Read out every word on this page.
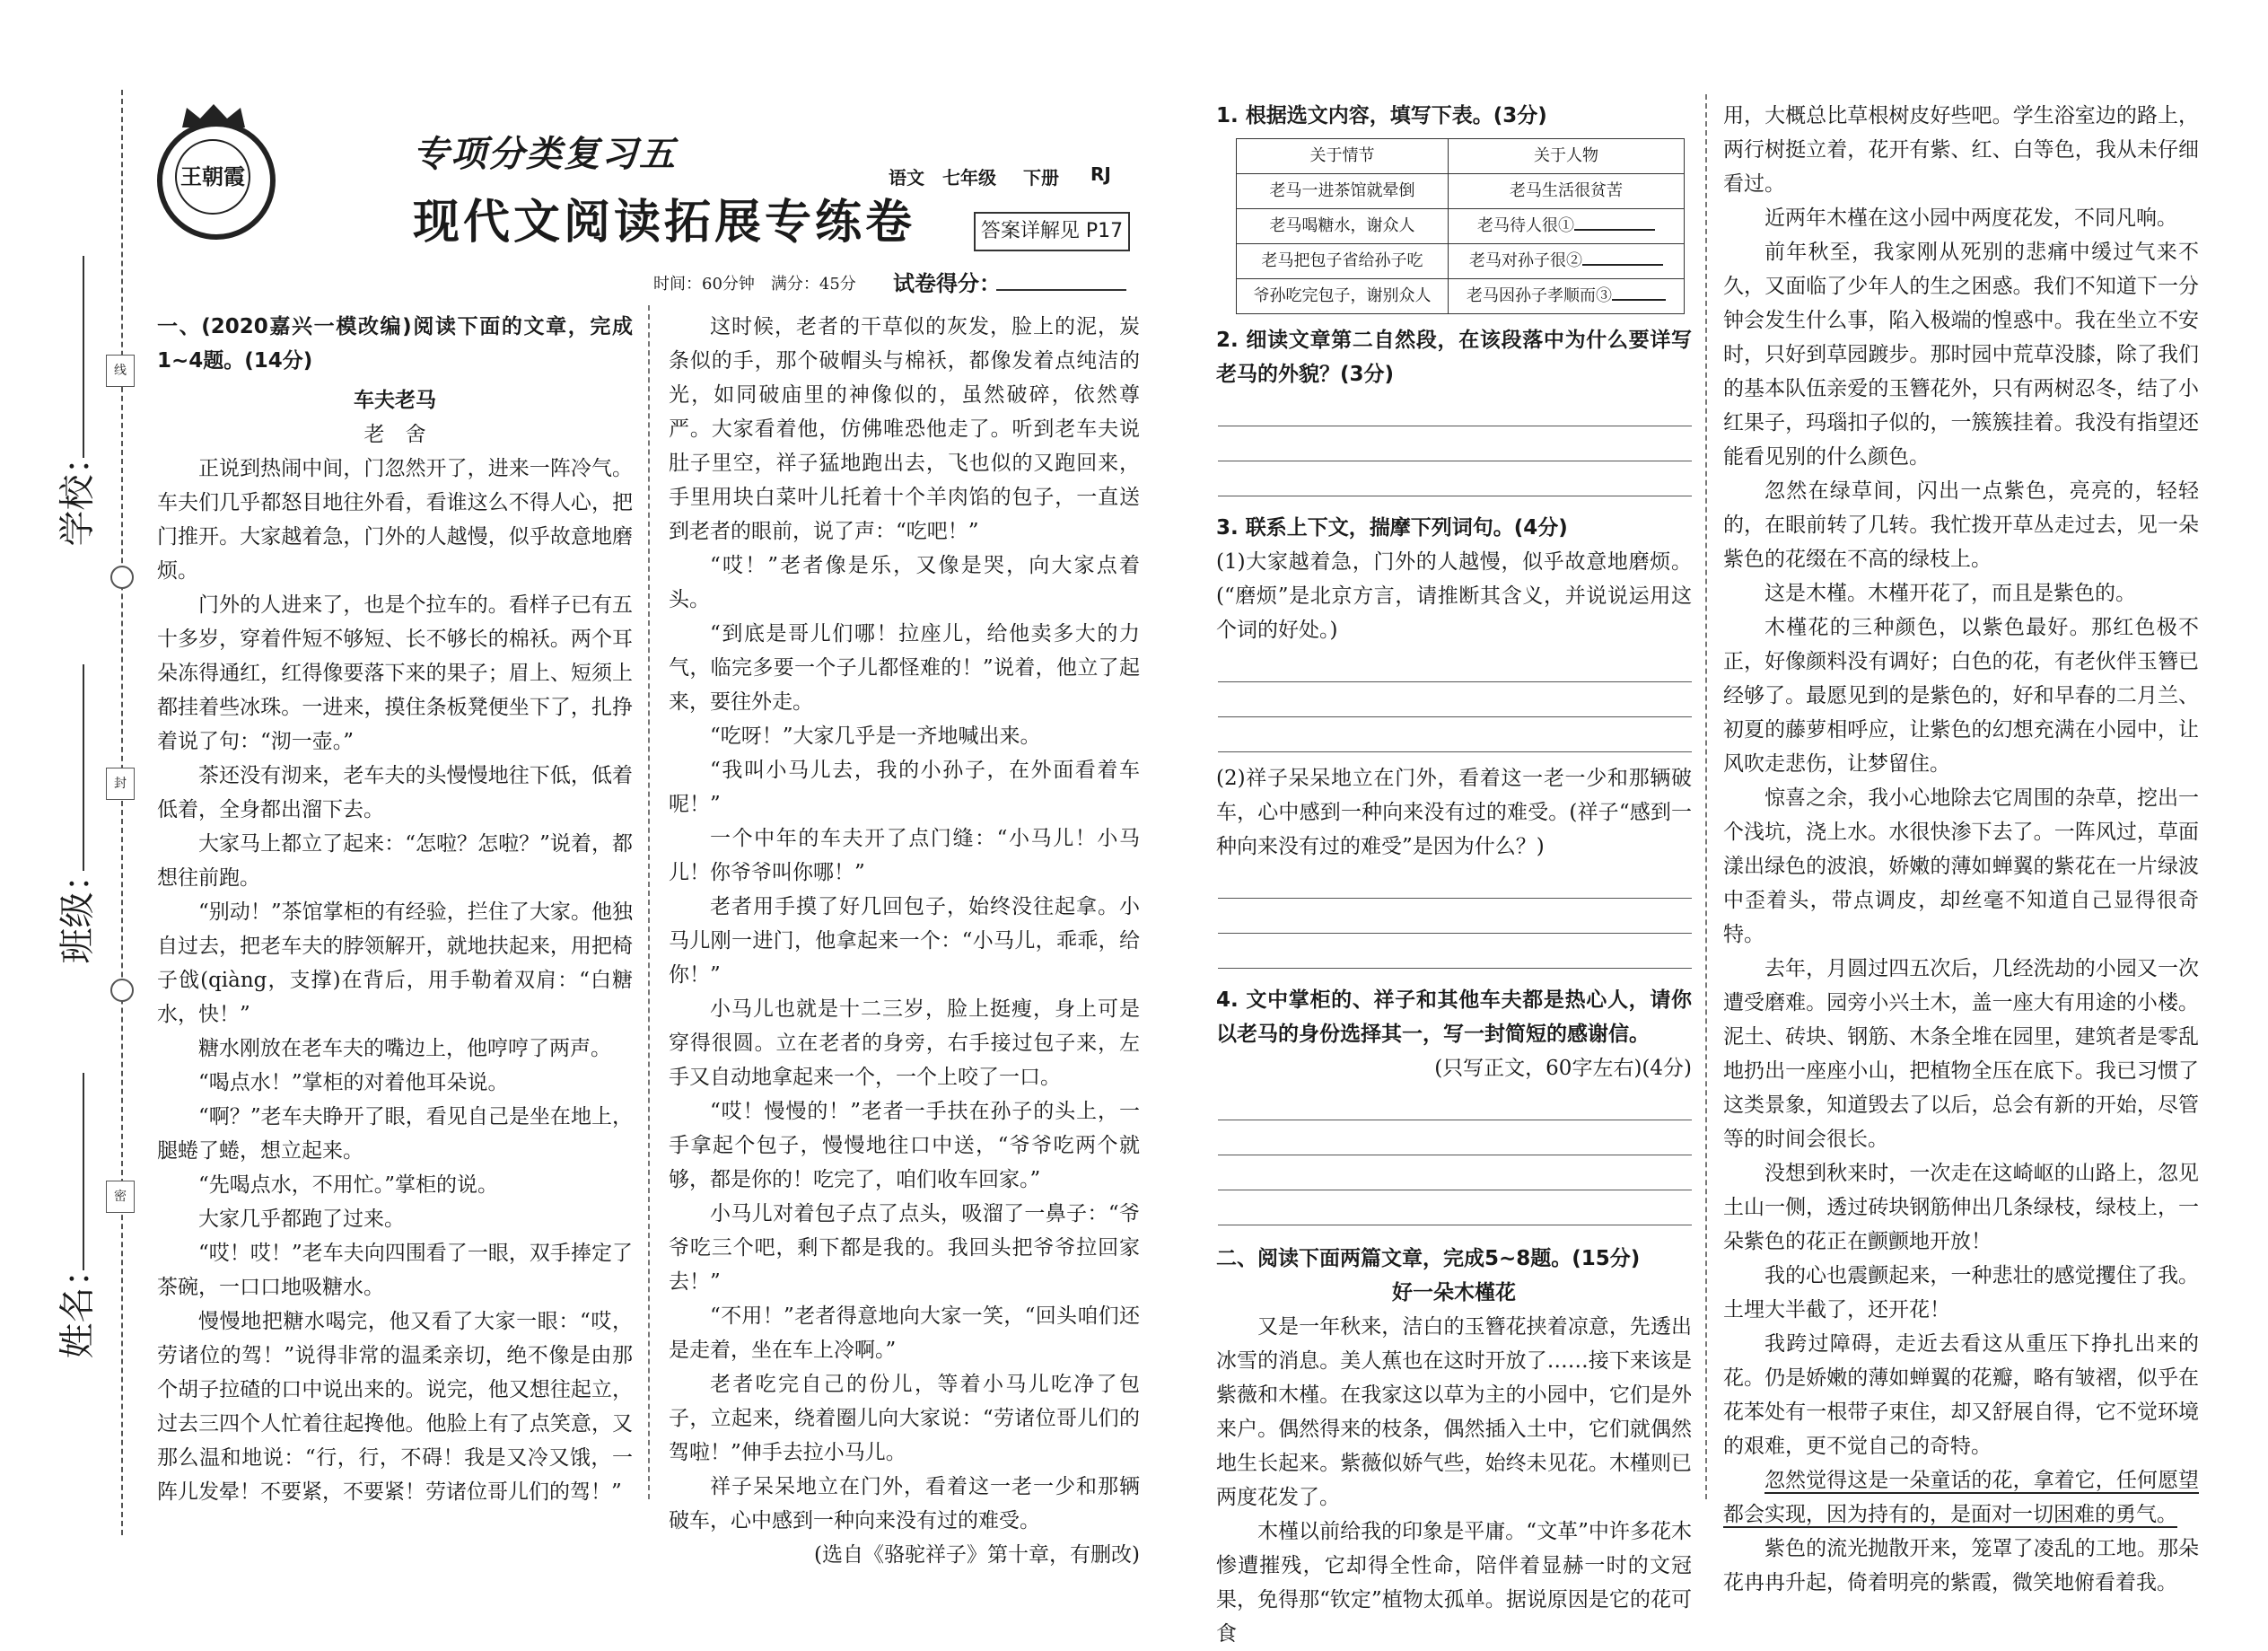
线
封
密
学校：
班级：
姓名：
王朝霞
专项分类复习五
现代文阅读拓展专练卷
语文 七年级 下册 RJ
答案详解见 P17
时间：60分钟　满分：45分 试卷得分：

一、(2020嘉兴一模改编)阅读下面的文章，完成1~4题。(14分)

车夫老马

老　舍

正说到热闹中间，门忽然开了，进来一阵冷气。车夫们几乎都怒目地往外看，看谁这么不得人心，把门推开。大家越着急，门外的人越慢，似乎故意地磨烦。

门外的人进来了，也是个拉车的。看样子已有五十多岁，穿着件短不够短、长不够长的棉袄。两个耳朵冻得通红，红得像要落下来的果子；眉上、短须上都挂着些冰珠。一进来，摸住条板凳便坐下了，扎挣着说了句：“沏一壶。”

茶还没有沏来，老车夫的头慢慢地往下低，低着低着，全身都出溜下去。

大家马上都立了起来：“怎啦？怎啦？”说着，都想往前跑。

“别动！”茶馆掌柜的有经验，拦住了大家。他独自过去，把老车夫的脖领解开，就地扶起来，用把椅子戗(qiàng，支撑)在背后，用手勒着双肩：“白糖水，快！”

糖水刚放在老车夫的嘴边上，他哼哼了两声。

“喝点水！”掌柜的对着他耳朵说。

“啊？”老车夫睁开了眼，看见自己是坐在地上，腿蜷了蜷，想立起来。

“先喝点水，不用忙。”掌柜的说。

大家几乎都跑了过来。

“哎！哎！”老车夫向四围看了一眼，双手捧定了茶碗，一口口地吸糖水。

慢慢地把糖水喝完，他又看了大家一眼：“哎，劳诸位的驾！”说得非常的温柔亲切，绝不像是由那个胡子拉碴的口中说出来的。说完，他又想往起立，过去三四个人忙着往起搀他。他脸上有了点笑意，又那么温和地说：“行，行，不碍！我是又冷又饿，一阵儿发晕！不要紧，不要紧！劳诸位哥儿们的驾！”

这时候，老者的干草似的灰发，脸上的泥，炭条似的手，那个破帽头与棉袄，都像发着点纯洁的光，如同破庙里的神像似的，虽然破碎，依然尊严。大家看着他，仿佛唯恐他走了。听到老车夫说肚子里空，祥子猛地跑出去，飞也似的又跑回来，手里用块白菜叶儿托着十个羊肉馅的包子，一直送到老者的眼前，说了声：“吃吧！”

“哎！”老者像是乐，又像是哭，向大家点着头。

“到底是哥儿们哪！拉座儿，给他卖多大的力气，临完多要一个子儿都怪难的！”说着，他立了起来，要往外走。

“吃呀！”大家几乎是一齐地喊出来。

“我叫小马儿去，我的小孙子，在外面看着车呢！”

一个中年的车夫开了点门缝：“小马儿！小马儿！你爷爷叫你哪！”

老者用手摸了好几回包子，始终没往起拿。小马儿刚一进门，他拿起来一个：“小马儿，乖乖，给你！”

小马儿也就是十二三岁，脸上挺瘦，身上可是穿得很圆。立在老者的身旁，右手接过包子来，左手又自动地拿起来一个，一个上咬了一口。

“哎！慢慢的！”老者一手扶在孙子的头上，一手拿起个包子，慢慢地往口中送，“爷爷吃两个就够，都是你的！吃完了，咱们收车回家。”

小马儿对着包子点了点头，吸溜了一鼻子：“爷爷吃三个吧，剩下都是我的。我回头把爷爷拉回家去！”

“不用！”老者得意地向大家一笑，“回头咱们还是走着，坐在车上冷啊。”

老者吃完自己的份儿，等着小马儿吃净了包子，立起来，绕着圈儿向大家说：“劳诸位哥儿们的驾啦！”伸手去拉小马儿。

祥子呆呆地立在门外，看着这一老一少和那辆破车，心中感到一种向来没有过的难受。

(选自《骆驼祥子》第十章，有删改)

1. 根据选文内容，填写下表。(3分)

关于情节	关于人物
老马一进茶馆就晕倒	老马生活很贫苦
老马喝糖水，谢众人	老马待人很①
老马把包子省给孙子吃	老马对孙子很②
爷孙吃完包子，谢别众人	老马因孙子孝顺而③

2. 细读文章第二自然段，在该段落中为什么要详写老马的外貌？(3分)

3. 联系上下文，揣摩下列词句。(4分)

(1)大家越着急，门外的人越慢，似乎故意地磨烦。(“磨烦”是北京方言，请推断其含义，并说说运用这个词的好处。)

(2)祥子呆呆地立在门外，看着这一老一少和那辆破车，心中感到一种向来没有过的难受。(祥子“感到一种向来没有过的难受”是因为什么？)

4. 文中掌柜的、祥子和其他车夫都是热心人，请你以老马的身份选择其一，写一封简短的感谢信。

(只写正文，60字左右)(4分)

二、阅读下面两篇文章，完成5~8题。(15分)

好一朵木槿花

又是一年秋来，洁白的玉簪花挟着凉意，先透出冰雪的消息。美人蕉也在这时开放了……接下来该是紫薇和木槿。在我家这以草为主的小园中，它们是外来户。偶然得来的枝条，偶然插入土中，它们就偶然地生长起来。紫薇似娇气些，始终未见花。木槿则已两度花发了。

木槿以前给我的印象是平庸。“文革”中许多花木惨遭摧残，它却得全性命，陪伴着显赫一时的文冠果，免得那“钦定”植物太孤单。据说原因是它的花可食

用，大概总比草根树皮好些吧。学生浴室边的路上，两行树挺立着，花开有紫、红、白等色，我从未仔细看过。

近两年木槿在这小园中两度花发，不同凡响。

前年秋至，我家刚从死别的悲痛中缓过气来不久，又面临了少年人的生之困惑。我们不知道下一分钟会发生什么事，陷入极端的惶惑中。我在坐立不安时，只好到草园踱步。那时园中荒草没膝，除了我们的基本队伍亲爱的玉簪花外，只有两树忍冬，结了小红果子，玛瑙扣子似的，一簇簇挂着。我没有指望还能看见别的什么颜色。

忽然在绿草间，闪出一点紫色，亮亮的，轻轻的，在眼前转了几转。我忙拨开草丛走过去，见一朵紫色的花缀在不高的绿枝上。

这是木槿。木槿开花了，而且是紫色的。

木槿花的三种颜色，以紫色最好。那红色极不正，好像颜料没有调好；白色的花，有老伙伴玉簪已经够了。最愿见到的是紫色的，好和早春的二月兰、初夏的藤萝相呼应，让紫色的幻想充满在小园中，让风吹走悲伤，让梦留住。

惊喜之余，我小心地除去它周围的杂草，挖出一个浅坑，浇上水。水很快渗下去了。一阵风过，草面漾出绿色的波浪，娇嫩的薄如蝉翼的紫花在一片绿波中歪着头，带点调皮，却丝毫不知道自己显得很奇特。

去年，月圆过四五次后，几经洗劫的小园又一次遭受磨难。园旁小兴土木，盖一座大有用途的小楼。泥土、砖块、钢筋、木条全堆在园里，建筑者是零乱地扔出一座座小山，把植物全压在底下。我已习惯了这类景象，知道毁去了以后，总会有新的开始，尽管等的时间会很长。

没想到秋来时，一次走在这崎岖的山路上，忽见土山一侧，透过砖块钢筋伸出几条绿枝，绿枝上，一朵紫色的花正在颤颤地开放！

我的心也震颤起来，一种悲壮的感觉攫住了我。土埋大半截了，还开花！

我跨过障碍，走近去看这从重压下挣扎出来的花。仍是娇嫩的薄如蝉翼的花瓣，略有皱褶，似乎在花苯处有一根带子束住，却又舒展自得，它不觉环境的艰难，更不觉自己的奇特。

忽然觉得这是一朵童话的花，拿着它，任何愿望都会实现，因为持有的，是面对一切困难的勇气。

紫色的流光抛散开来，笼罩了凌乱的工地。那朵花冉冉升起，倚着明亮的紫霞，微笑地俯看着我。
